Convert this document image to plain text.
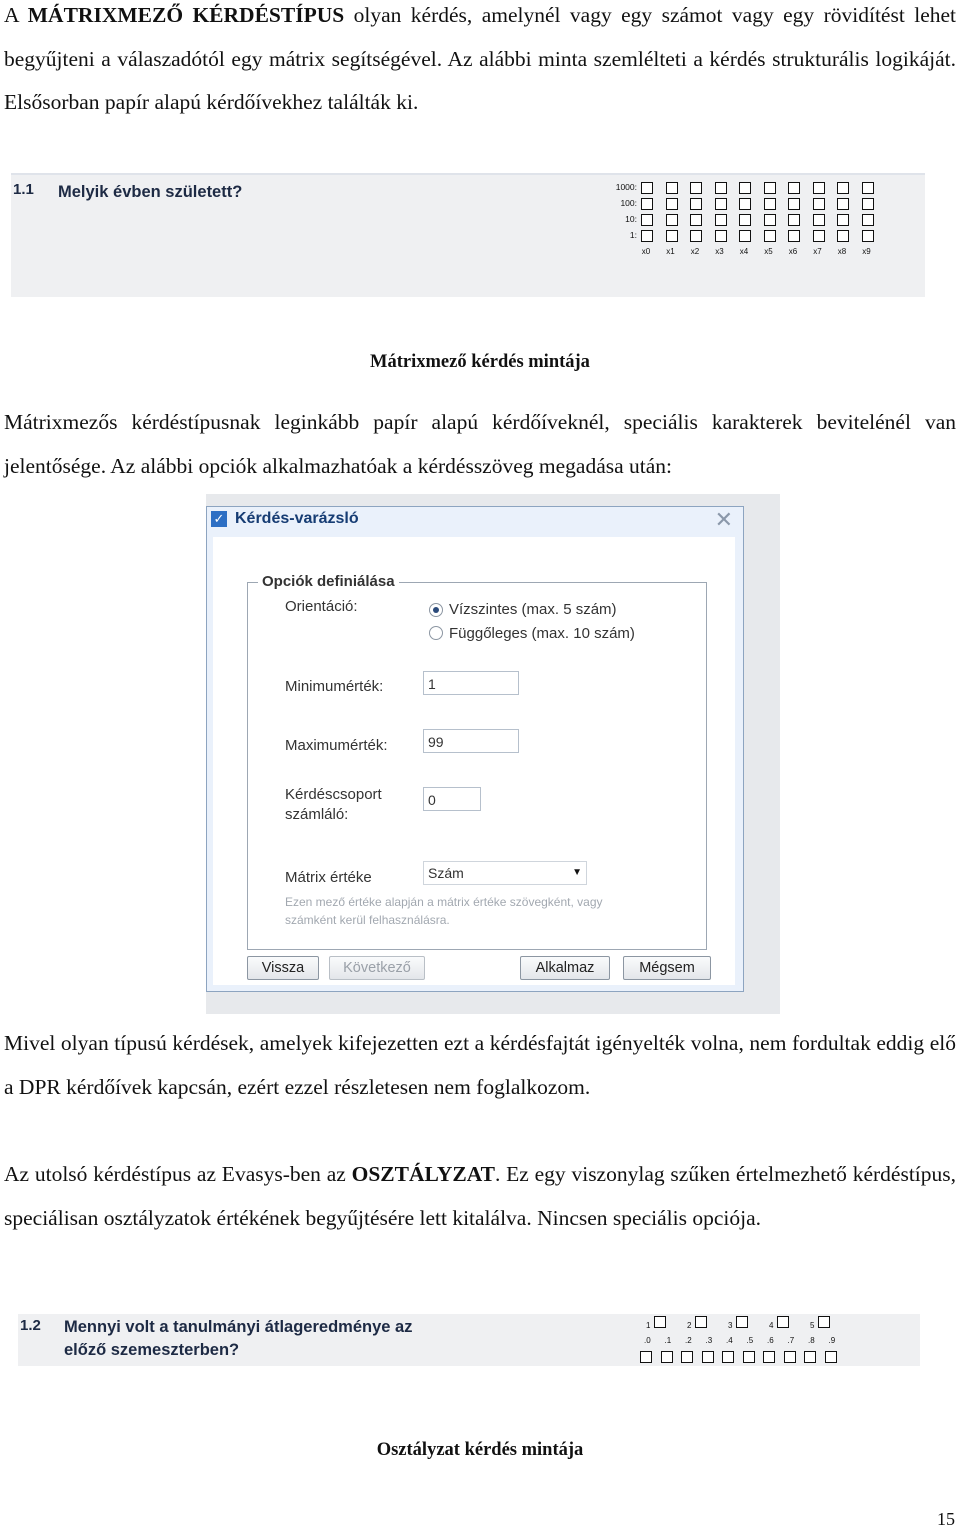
A MÁTRIXMEZŐ KÉRDÉSTÍPUS olyan kérdés, amelynél vagy egy számot vagy egy rövidítést lehet begyűjteni a válaszadótól egy mátrix segítségével. Az alábbi minta szemlélteti a kérdés strukturális logikáját. Elsősorban papír alapú kérdőívekhez találták ki.
1.1 Melyik évben született?	1000:
100:
10:
1:
x0	x1	x2	x3	x4	x5	x6	x7	x8	x9
Mátrixmező kérdés mintája
Mátrixmezős kérdéstípusnak leginkább papír alapú kérdőíveknél, speciális karakterek bevitelénél van jelentősége. Az alábbi opciók alkalmazhatóak a kérdésszöveg megadása után:
✓ Kérdés-varázsló	✕
Opciók definiálása
Orientáció:	Vízszintes (max. 5 szám)
Függőleges (max. 10 szám)
Minimumérték:	1
Maximumérték:	99
Kérdéscsoport
számláló:
0
Mátrix értéke	Szám	▼
Ezen mező értéke alapján a mátrix értéke szövegként, vagy
számként kerül felhasználásra.
Vissza	Következő	Alkalmaz	Mégsem
Mivel olyan típusú kérdések, amelyek kifejezetten ezt a kérdésfajtát igényelték volna, nem fordultak eddig elő a DPR kérdőívek kapcsán, ezért ezzel részletesen nem foglalkozom.
Az utolsó kérdéstípus az Evasys-ben az OSZTÁLYZAT. Ez egy viszonylag szűken értelmezhető kérdéstípus, speciálisan osztályzatok értékének begyűjtésére lett kitalálva. Nincsen speciális opciója.
1.2 Mennyi volt a tanulmányi átlageredménye az
előző szemeszterben?
1	2	3	4	5
.0 .1 .2 .3 .4 .5 .6 .7 .8 .9
Osztályzat kérdés mintája
15
